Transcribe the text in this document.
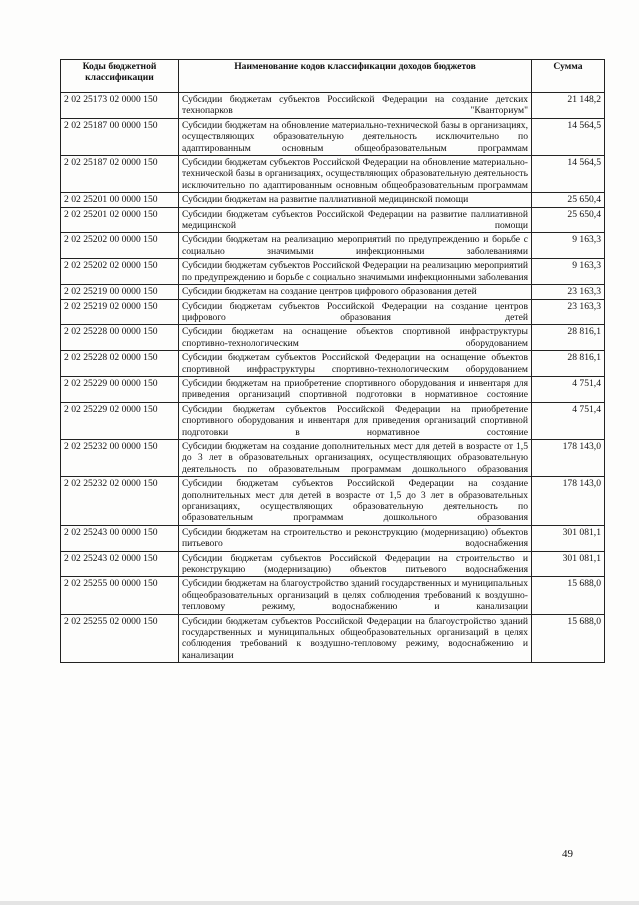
Коды бюджетной классификации	Наименование кодов классификации доходов бюджетов	Сумма
2 02 25173 02 0000 150	Субсидии бюджетам субъектов Российской Федерации на создание детских технопарков "Кванториум"	21 148,2
2 02 25187 00 0000 150	Субсидии бюджетам на обновление материально-технической базы в организациях, осуществляющих образовательную деятельность исключительно по адаптированным основным общеобразовательным программам	14 564,5
2 02 25187 02 0000 150	Субсидии бюджетам субъектов Российской Федерации на обновление материально-технической базы в организациях, осуществляющих образовательную деятельность исключительно по адаптированным основным общеобразовательным программам	14 564,5
2 02 25201 00 0000 150	Субсидии бюджетам на развитие паллиативной медицинской помощи	25 650,4
2 02 25201 02 0000 150	Субсидии бюджетам субъектов Российской Федерации на развитие паллиативной медицинской помощи	25 650,4
2 02 25202 00 0000 150	Субсидии бюджетам на реализацию мероприятий по предупреждению и борьбе с социально значимыми инфекционными заболеваниями	9 163,3
2 02 25202 02 0000 150	Субсидии бюджетам субъектов Российской Федерации на реализацию мероприятий по предупреждению и борьбе с социально значимыми инфекционными заболевания	9 163,3
2 02 25219 00 0000 150	Субсидии бюджетам на создание центров цифрового образования детей	23 163,3
2 02 25219 02 0000 150	Субсидии бюджетам субъектов Российской Федерации на создание центров цифрового образования детей	23 163,3
2 02 25228 00 0000 150	Субсидии бюджетам на оснащение объектов спортивной инфраструктуры спортивно-технологическим оборудованием	28 816,1
2 02 25228 02 0000 150	Субсидии бюджетам субъектов Российской Федерации на оснащение объектов спортивной инфраструктуры спортивно-технологическим оборудованием	28 816,1
2 02 25229 00 0000 150	Субсидии бюджетам на приобретение спортивного оборудования и инвентаря для приведения организаций спортивной подготовки в нормативное состояние	4 751,4
2 02 25229 02 0000 150	Субсидии бюджетам субъектов Российской Федерации на приобретение спортивного оборудования и инвентаря для приведения организаций спортивной подготовки в нормативное состояние	4 751,4
2 02 25232 00 0000 150	Субсидии бюджетам на создание дополнительных мест для детей в возрасте от 1,5 до 3 лет в образовательных организациях, осуществляющих образовательную деятельность по образовательным программам дошкольного образования	178 143,0
2 02 25232 02 0000 150	Субсидии бюджетам субъектов Российской Федерации на создание дополнительных мест для детей в возрасте от 1,5 до 3 лет в образовательных организациях, осуществляющих образовательную деятельность по образовательным программам дошкольного образования	178 143,0
2 02 25243 00 0000 150	Субсидии бюджетам на строительство и реконструкцию (модернизацию) объектов питьевого водоснабжения	301 081,1
2 02 25243 02 0000 150	Субсидии бюджетам субъектов Российской Федерации на строительство и реконструкцию (модернизацию) объектов питьевого водоснабжения	301 081,1
2 02 25255 00 0000 150	Субсидии бюджетам на благоустройство зданий государственных и муниципальных общеобразовательных организаций в целях соблюдения требований к воздушно-тепловому режиму, водоснабжению и канализации	15 688,0
2 02 25255 02 0000 150	Субсидии бюджетам субъектов Российской Федерации на благоустройство зданий государственных и муниципальных общеобразовательных организаций в целях соблюдения требований к воздушно-тепловому режиму, водоснабжению и канализации	15 688,0
49
